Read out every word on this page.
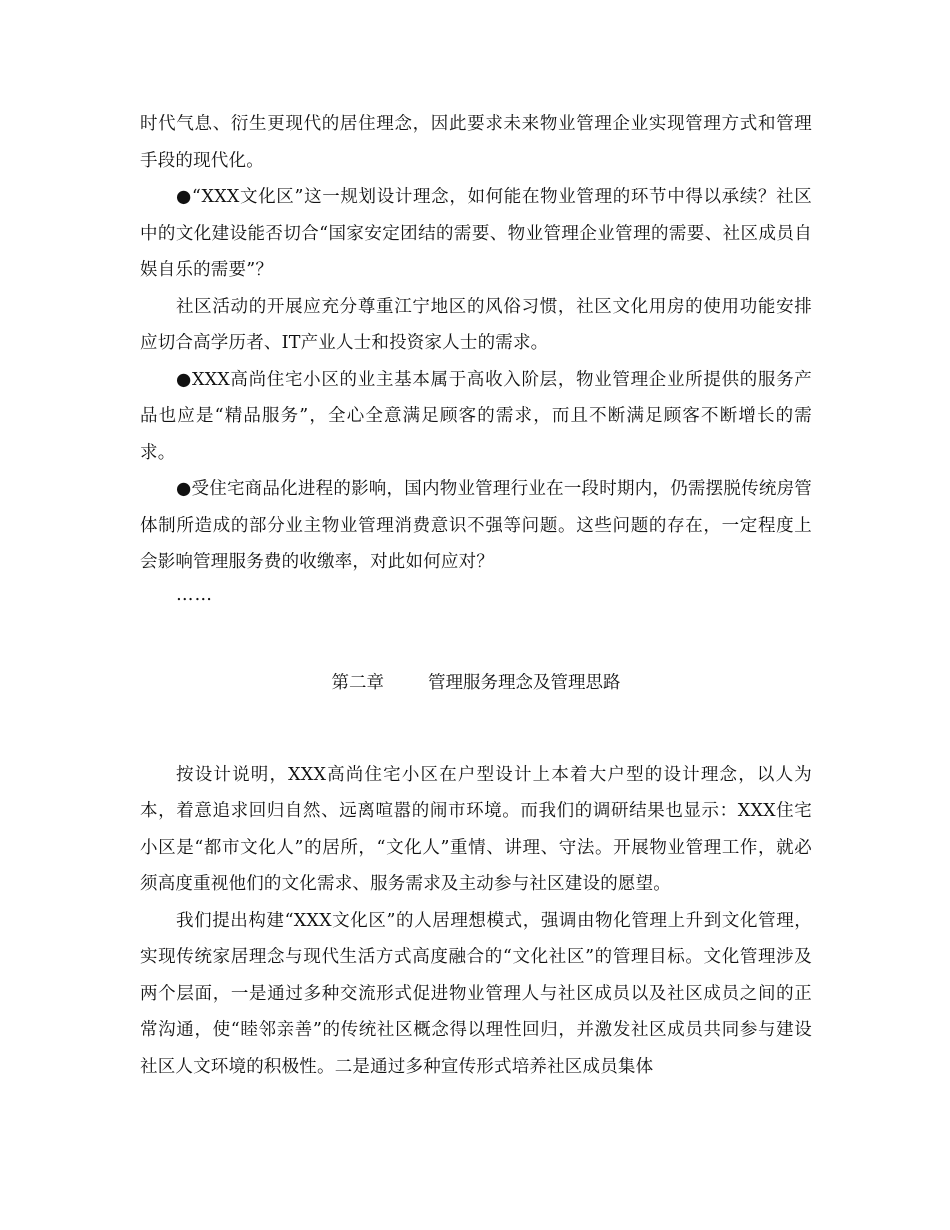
时代气息、衍生更现代的居住理念，因此要求未来物业管理企业实现管理方式和管理手段的现代化。

●“XXX文化区”这一规划设计理念，如何能在物业管理的环节中得以承续？社区中的文化建设能否切合“国家安定团结的需要、物业管理企业管理的需要、社区成员自娱自乐的需要”？

社区活动的开展应充分尊重江宁地区的风俗习惯，社区文化用房的使用功能安排应切合高学历者、IT产业人士和投资家人士的需求。

●XXX高尚住宅小区的业主基本属于高收入阶层，物业管理企业所提供的服务产品也应是“精品服务”，全心全意满足顾客的需求，而且不断满足顾客不断增长的需求。

●受住宅商品化进程的影响，国内物业管理行业在一段时期内，仍需摆脱传统房管体制所造成的部分业主物业管理消费意识不强等问题。这些问题的存在，一定程度上会影响管理服务费的收缴率，对此如何应对？

……

第二章	管理服务理念及管理思路

按设计说明，XXX高尚住宅小区在户型设计上本着大户型的设计理念，以人为本，着意追求回归自然、远离喧嚣的闹市环境。而我们的调研结果也显示：XXX住宅小区是“都市文化人”的居所，“文化人”重情、讲理、守法。开展物业管理工作，就必须高度重视他们的文化需求、服务需求及主动参与社区建设的愿望。

我们提出构建“XXX文化区”的人居理想模式，强调由物化管理上升到文化管理，实现传统家居理念与现代生活方式高度融合的“文化社区”的管理目标。文化管理涉及两个层面，一是通过多种交流形式促进物业管理人与社区成员以及社区成员之间的正常沟通，使“睦邻亲善”的传统社区概念得以理性回归，并激发社区成员共同参与建设社区人文环境的积极性。二是通过多种宣传形式培养社区成员集体
